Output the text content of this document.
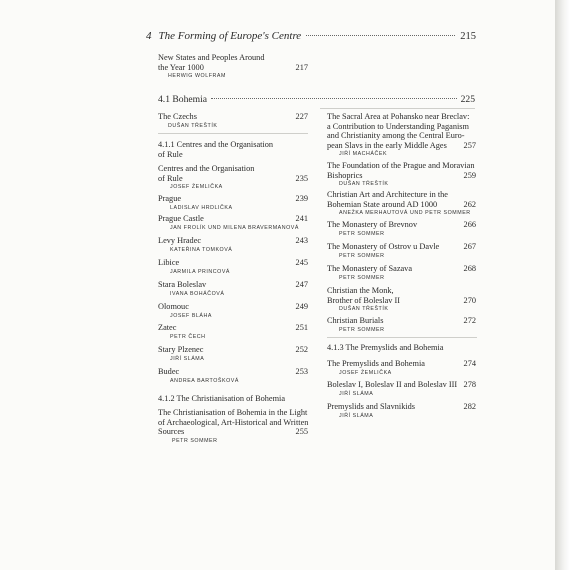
4 The Forming of Europe's Centre	215
New States and Peoples Around
the Year 1000
HERWIG WOLFRAM
217
4.1 Bohemia	225
The Czechs
DUŠAN TŘEŠTÍK
227
4.1.1 Centres and the Organisation
of Rule
Centres and the Organisation
of Rule
JOSEF ŽEMLIČKA
235
Prague
LADISLAV HRDLIČKA
239
Prague Castle
JAN FROLÍK UND MILENA BRAVERMANOVÁ
241
Levy Hradec
KATEŘINA TOMKOVÁ
243
Libice
JARMILA PRINCOVÁ
245
Stara Boleslav
IVANA BOHÁČOVÁ
247
Olomouc
JOSEF BLÁHA
249
Zatec
PETR ČECH
251
Stary Plzenec
JIŘÍ SLÁMA
252
Budec
ANDREA BARTOŠKOVÁ
253
4.1.2 The Christianisation of Bohemia
The Christianisation of Bohemia in the Light
of Archaeological, Art-Historical and Written
Sources
PETR SOMMER
255
The Sacral Area at Pohansko near Breclav:
a Contribution to Understanding Paganism
and Christianity among the Central Euro-
pean Slavs in the early Middle Ages
JIŘÍ MACHÁČEK
257
The Foundation of the Prague and Moravian
Bishoprics
DUŠAN TŘEŠTÍK
259
Christian Art and Architecture in the
Bohemian State around AD 1000
ANEŽKA MERHAUTOVÁ UND PETR SOMMER
262
The Monastery of Brevnov
PETR SOMMER
266
The Monastery of Ostrov u Davle
PETR SOMMER
267
The Monastery of Sazava
PETR SOMMER
268
Christian the Monk,
Brother of Boleslav II
DUŠAN TŘEŠTÍK
270
Christian Burials
PETR SOMMER
272
4.1.3 The Premyslids and Bohemia
The Premyslids and Bohemia
JOSEF ŽEMLIČKA
274
Boleslav I, Boleslav II and Boleslav III
JIŘÍ SLÁMA
278
Premyslids and Slavnikids
JIŘÍ SLÁMA
282
